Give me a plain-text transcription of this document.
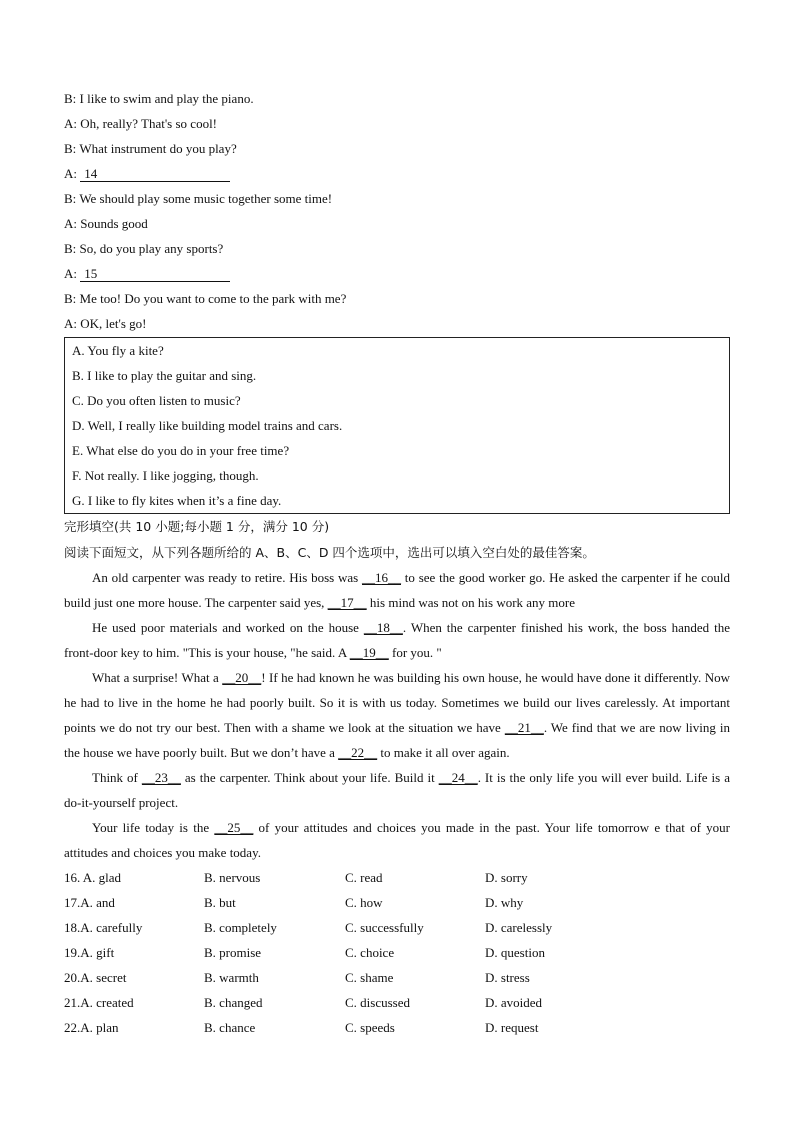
B: I like to swim and play the piano.
A: Oh, really? That's so cool!
B: What instrument do you play?
A: 14
B: We should play some music together some time!
A: Sounds good
B: So, do you play any sports?
A: 15
B: Me too! Do you want to come to the park with me?
A: OK, let's go!
A. You fly a kite?
B. I like to play the guitar and sing.
C. Do you often listen to music?
D. Well, I really like building model trains and cars.
E. What else do you do in your free time?
F. Not really. I like jogging, though.
G. I like to fly kites when it’s a fine day.
完形填空(共 10 小题;每小题 1 分，满分 10 分)
阅读下面短文，从下列各题所给的 A、B、C、D 四个选项中，选出可以填入空白处的最佳答案。
An old carpenter was ready to retire. His boss was __16__ to see the good worker go. He asked the carpenter if he could build just one more house. The carpenter said yes, __17__ his mind was not on his work any more
He used poor materials and worked on the house __18__. When the carpenter finished his work, the boss handed the front-door key to him. "This is your house, "he said. A __19__ for you. "
What a surprise! What a __20__! If he had known he was building his own house, he would have done it differently. Now he had to live in the home he had poorly built. So it is with us today. Sometimes we build our lives carelessly. At important points we do not try our best. Then with a shame we look at the situation we have __21__. We find that we are now living in the house we have poorly built. But we don’t have a __22__ to make it all over again.
Think of __23__ as the carpenter. Think about your life. Build it __24__. It is the only life you will ever build. Life is a do-it-yourself project.
Your life today is the __25__ of your attitudes and choices you made in the past. Your life tomorrow e that of your attitudes and choices you make today.
16. A. glad	B. nervous	C. read	D. sorry
17.A. and	B. but	C. how	D. why
18.A. carefully	B. completely	C. successfully	D. carelessly
19.A. gift	B. promise	C. choice	D. question
20.A. secret	B. warmth	C. shame	D. stress
21.A. created	B. changed	C. discussed	D. avoided
22.A. plan	B. chance	C. speeds	D. request
